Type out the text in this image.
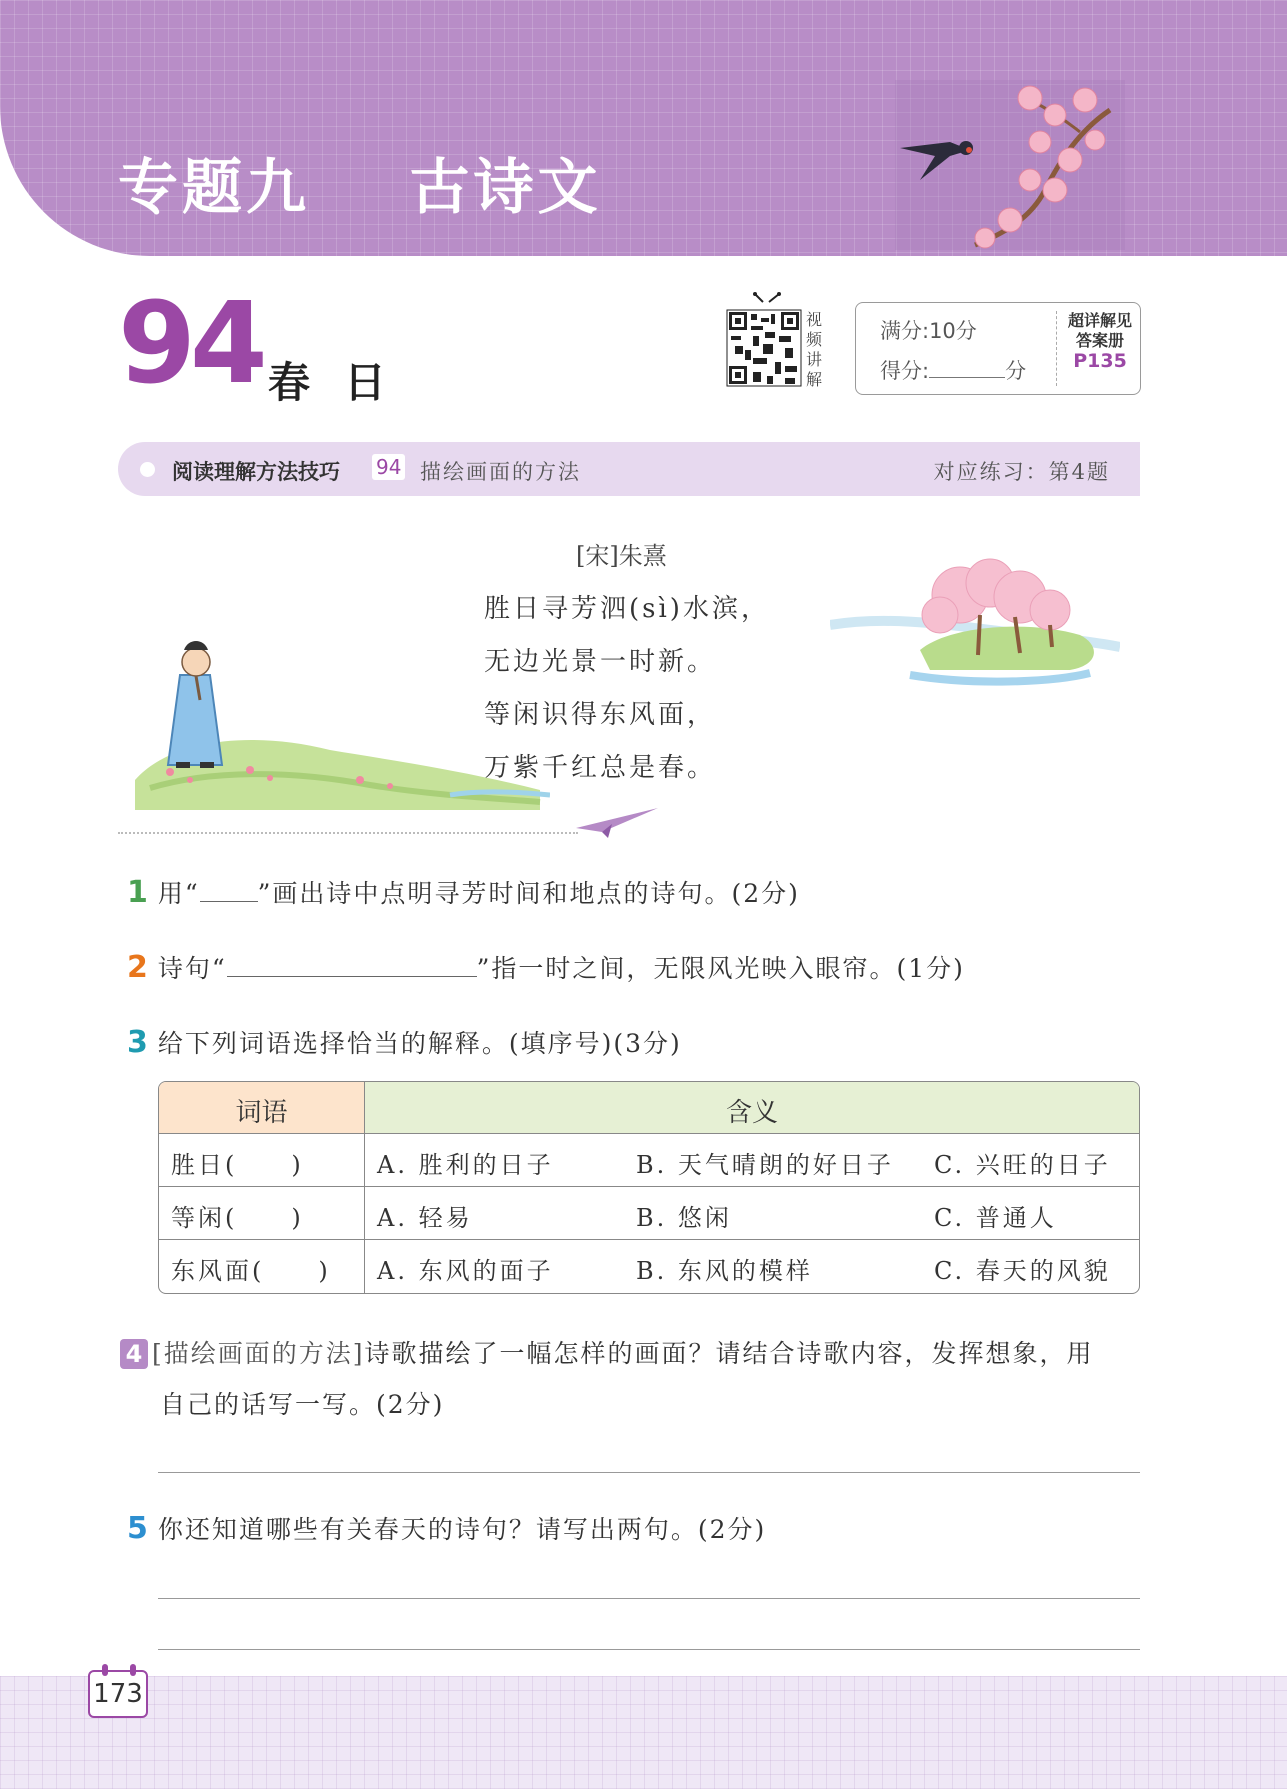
专题九    古诗文
94 春日
视频讲解
满分:10分
得分:	分
超详解见
答案册
P135
阅读理解方法技巧 94 描绘画面的方法	对应练习：第4题
[宋]朱熹
胜日寻芳泗(sì)水滨，
无边光景一时新。
等闲识得东风面，
万紫千红总是春。
1 用“ ”画出诗中点明寻芳时间和地点的诗句。(2分)
2 诗句“	”指一时之间，无限风光映入眼帘。(1分)
3 给下列词语选择恰当的解释。(填序号)(3分)
词语	含义
胜日(　　)	A. 胜利的日子	B. 天气晴朗的好日子 C. 兴旺的日子
等闲(　　)	A. 轻易	B. 悠闲	C. 普通人
东风面(　　)	A. 东风的面子	B. 东风的模样	C. 春天的风貌
4 [描绘画面的方法]诗歌描绘了一幅怎样的画面？请结合诗歌内容，发挥想象，用
自己的话写一写。(2分)
5 你还知道哪些有关春天的诗句？请写出两句。(2分)
173
